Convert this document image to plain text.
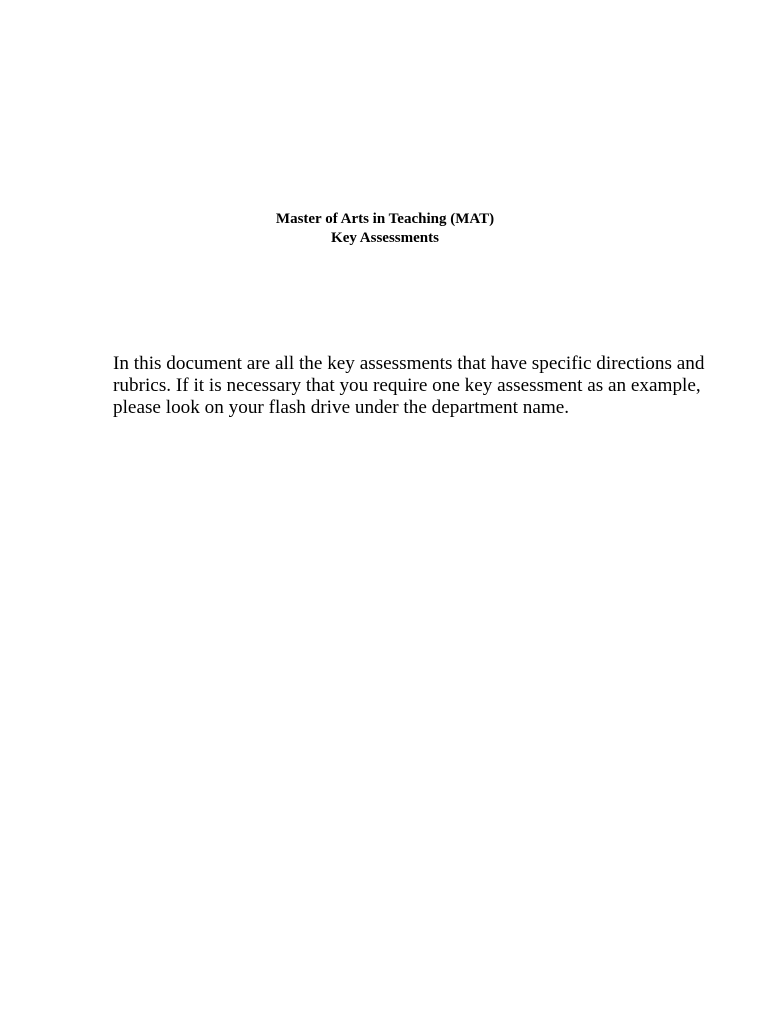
Master of Arts in Teaching (MAT)
Key Assessments
In this document are all the key assessments that have specific directions and
rubrics. If it is necessary that you require one key assessment as an example,
please look on your flash drive under the department name.
